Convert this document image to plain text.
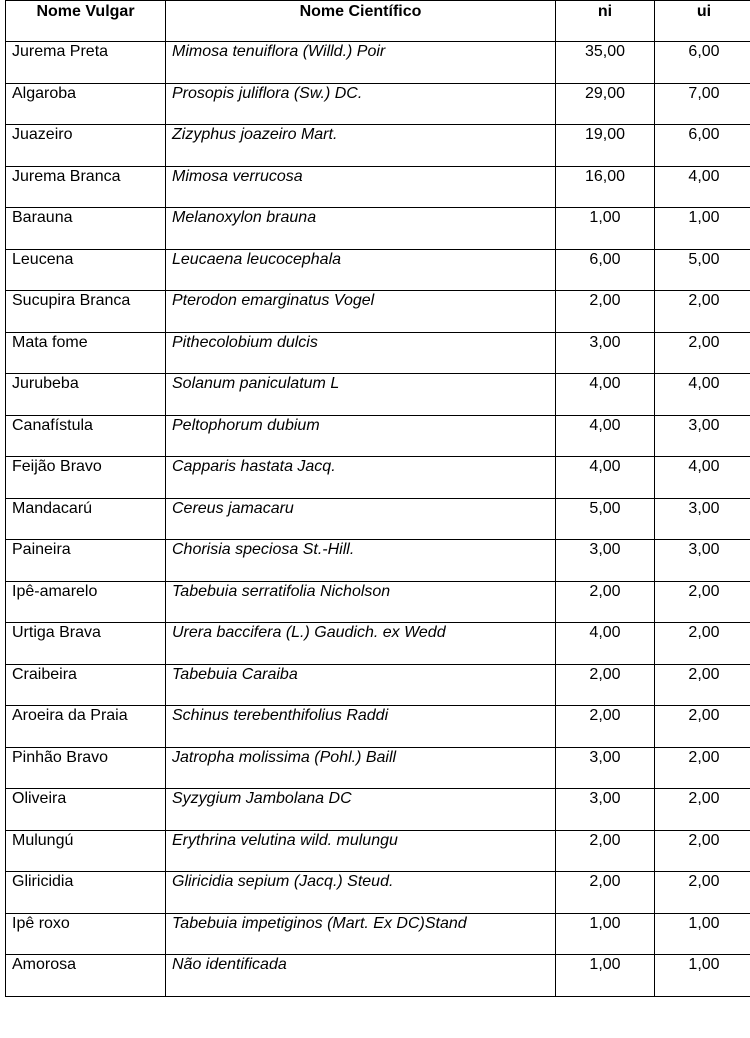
Nome Vulgar	Nome Científico	ni	ui
Jurema Preta	Mimosa tenuiflora (Willd.) Poir	35,00	6,00
Algaroba	Prosopis juliflora (Sw.) DC.	29,00	7,00
Juazeiro	Zizyphus joazeiro Mart.	19,00	6,00
Jurema Branca	Mimosa verrucosa	16,00	4,00
Barauna	Melanoxylon brauna	1,00	1,00
Leucena	Leucaena leucocephala	6,00	5,00
Sucupira Branca	Pterodon emarginatus Vogel	2,00	2,00
Mata fome	Pithecolobium dulcis	3,00	2,00
Jurubeba	Solanum paniculatum L	4,00	4,00
Canafístula	Peltophorum dubium	4,00	3,00
Feijão Bravo	Capparis hastata Jacq.	4,00	4,00
Mandacarú	Cereus jamacaru	5,00	3,00
Paineira	Chorisia speciosa St.-Hill.	3,00	3,00
Ipê-amarelo	Tabebuia serratifolia Nicholson	2,00	2,00
Urtiga Brava	Urera baccifera (L.) Gaudich. ex Wedd	4,00	2,00
Craibeira	Tabebuia Caraiba	2,00	2,00
Aroeira da Praia	Schinus terebenthifolius Raddi	2,00	2,00
Pinhão Bravo	Jatropha molissima (Pohl.) Baill	3,00	2,00
Oliveira	Syzygium Jambolana DC	3,00	2,00
Mulungú	Erythrina velutina wild. mulungu	2,00	2,00
Gliricidia	Gliricidia sepium (Jacq.) Steud.	2,00	2,00
Ipê roxo	Tabebuia impetiginos (Mart. Ex DC)Stand	1,00	1,00
Amorosa	Não identificada	1,00	1,00
